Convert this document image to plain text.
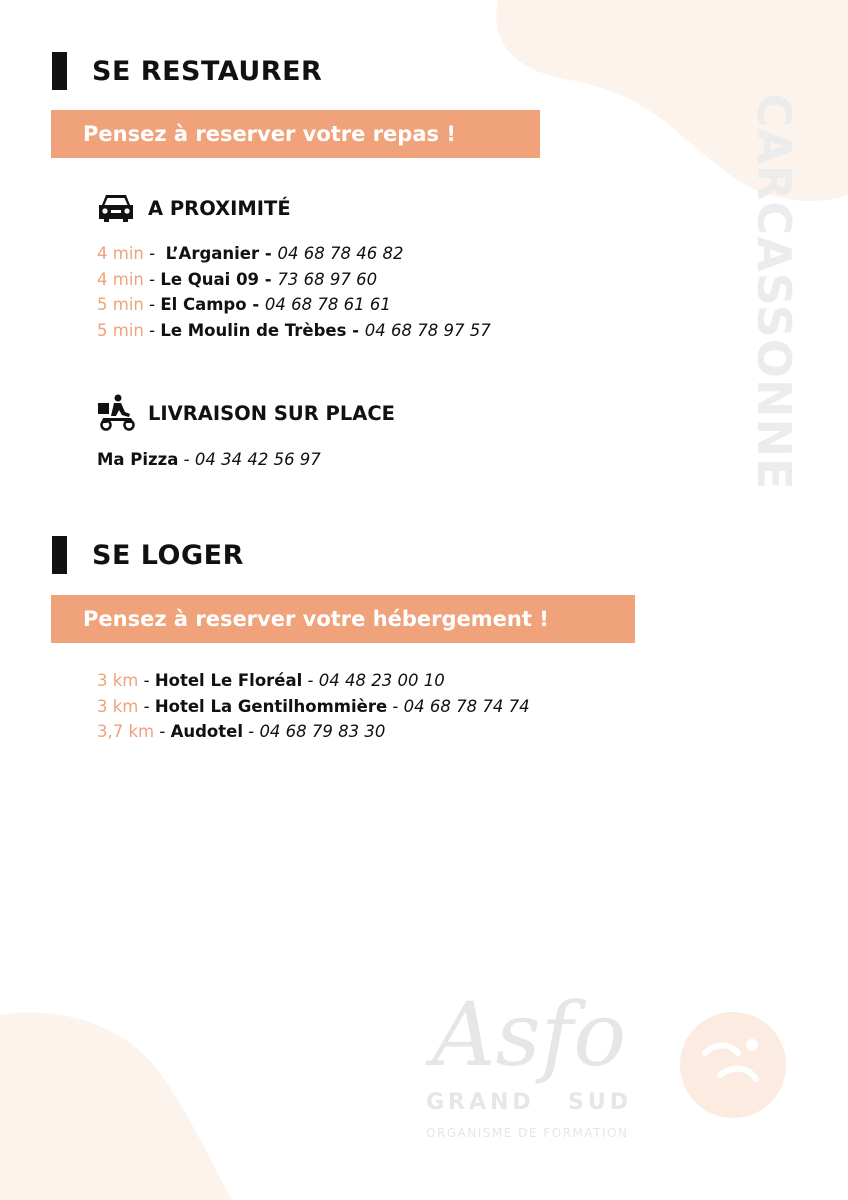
CARCASSONNE
SE RESTAURER
Pensez à reserver votre repas !
A PROXIMITÉ
4 min -  L’Arganier - 04 68 78 46 82
4 min - Le Quai 09 - 73 68 97 60
5 min - El Campo - 04 68 78 61 61
5 min - Le Moulin de Trèbes - 04 68 78 97 57
LIVRAISON SUR PLACE
Ma Pizza - 04 34 42 56 97
SE LOGER
Pensez à reserver votre hébergement !
3 km - Hotel Le Floréal - 04 48 23 00 10
3 km - Hotel La Gentilhommière - 04 68 78 74 74
3,7 km - Audotel - 04 68 79 83 30
Asfo
GRAND SUD
ORGANISME DE FORMATION
